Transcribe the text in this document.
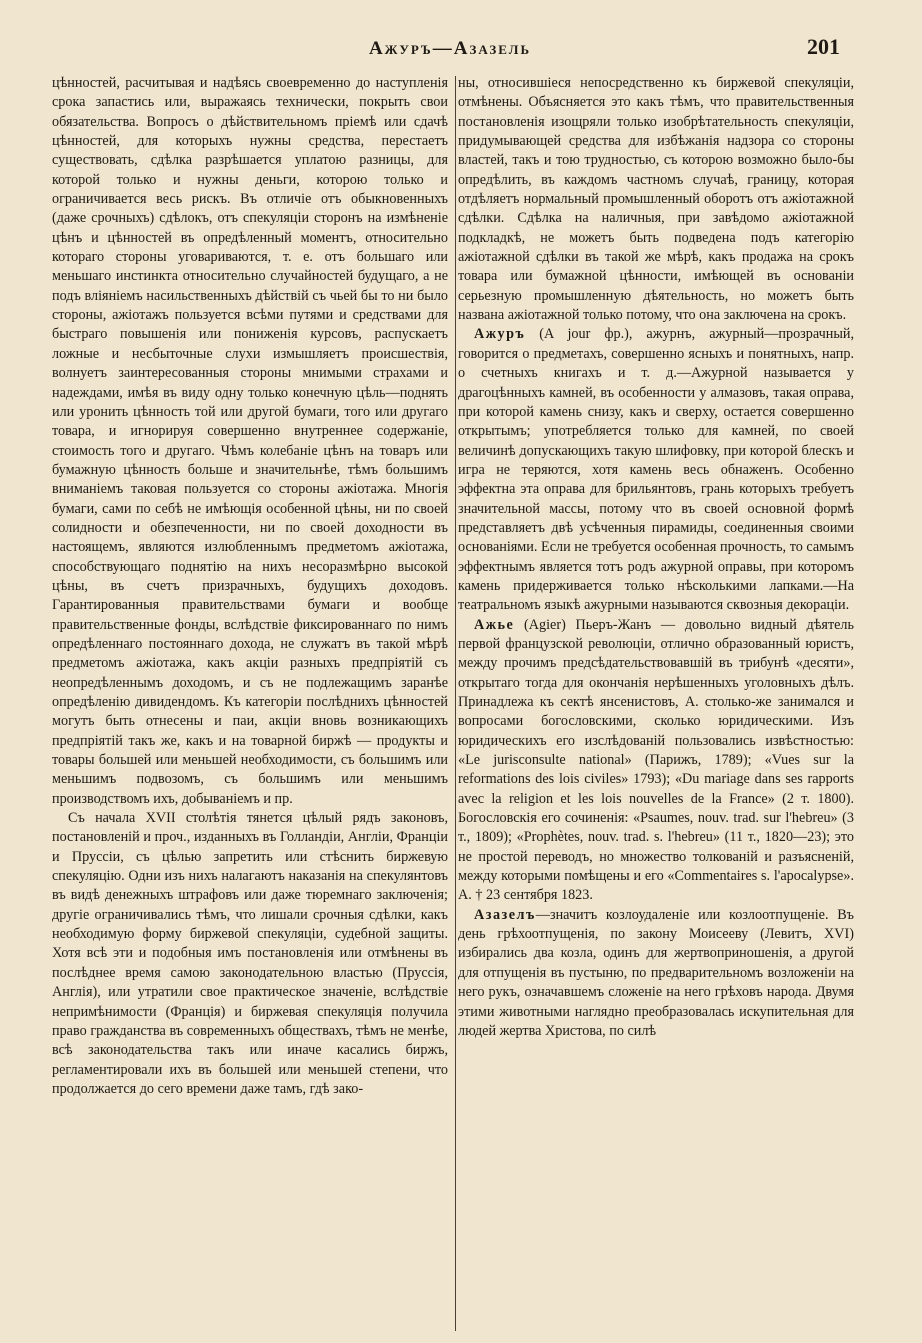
Ажуръ—Азазель	201

цѣнностей, расчитывая и надѣясь своевременно до наступленія срока запастись или, выражаясь технически, покрыть свои обязательства. Вопросъ о дѣйствительномъ пріемѣ или сдачѣ цѣнностей, для которыхъ нужны средства, перестаетъ существовать, сдѣлка разрѣшается уплатою разницы, для которой только и нужны деньги, которою только и ограничивается весь рискъ. Въ отличіе отъ обыкновенныхъ (даже срочныхъ) сдѣлокъ, отъ спекуляціи сторонъ на измѣненіе цѣнъ и цѣнностей въ опредѣленный моментъ, относительно котораго стороны уговариваются, т. е. отъ большаго или меньшаго инстинкта относительно случайностей будущаго, а не подъ вліяніемъ насильственныхъ дѣйствій съ чьей бы то ни было стороны, ажіотажъ пользуется всѣми путями и средствами для быстраго повышенія или пониженія курсовъ, распускаетъ ложные и несбыточные слухи измышляетъ происшествія, волнуетъ заинтересованныя стороны мнимыми страхами и надеждами, имѣя въ виду одну только конечную цѣль—поднять или уронить цѣнность той или другой бумаги, того или другаго товара, и игнорируя совершенно внутреннее содержаніе, стоимость того и другаго. Чѣмъ колебаніе цѣнъ на товаръ или бумажную цѣнность больше и значительнѣе, тѣмъ большимъ вниманіемъ таковая пользуется со стороны ажіотажа. Многія бумаги, сами по себѣ не имѣющія особенной цѣны, ни по своей солидности и обезпеченности, ни по своей доходности въ настоящемъ, являются излюбленнымъ предметомъ ажіотажа, способствующаго поднятію на нихъ несоразмѣрно высокой цѣны, въ счетъ призрачныхъ, будущихъ доходовъ. Гарантированныя правительствами бумаги и вообще правительственные фонды, вслѣдствіе фиксированнаго по нимъ опредѣленнаго постояннаго дохода, не служатъ въ такой мѣрѣ предметомъ ажіотажа, какъ акціи разныхъ предпріятій съ неопредѣленнымъ доходомъ, и съ не подлежащимъ заранѣе опредѣленію дивидендомъ. Къ категоріи послѣднихъ цѣнностей могутъ быть отнесены и паи, акціи вновь возникающихъ предпріятій такъ же, какъ и на товарной биржѣ — продукты и товары большей или меньшей необходимости, съ большимъ или меньшимъ подвозомъ, съ большимъ или меньшимъ производствомъ ихъ, добываніемъ и пр.

Съ начала XVII столѣтія тянется цѣлый рядъ законовъ, постановленій и проч., изданныхъ въ Голландіи, Англіи, Франціи и Пруссіи, съ цѣлью запретить или стѣснить биржевую спекуляцію. Одни изъ нихъ налагаютъ наказанія на спекулянтовъ въ видѣ денежныхъ штрафовъ или даже тюремнаго заключенія; другіе ограничивались тѣмъ, что лишали срочныя сдѣлки, какъ необходимую форму биржевой спекуляціи, судебной защиты. Хотя всѣ эти и подобныя имъ постановленія или отмѣнены въ послѣднее время самою законодательною властью (Пруссія, Англія), или утратили свое практическое значеніе, вслѣдствіе непримѣнимости (Франція) и биржевая спекуляція получила право гражданства въ современныхъ обществахъ, тѣмъ не менѣе, всѣ законодательства такъ или иначе касались биржъ, регламентировали ихъ въ большей или меньшей степени, что продолжается до сего времени даже тамъ, гдѣ зако-

ны, относившіеся непосредственно къ биржевой спекуляціи, отмѣнены. Объясняется это какъ тѣмъ, что правительственныя постановленія изощряли только изобрѣтательность спекуляціи, придумывающей средства для избѣжанія надзора со стороны властей, такъ и тою трудностью, съ которою возможно было-бы опредѣлить, въ каждомъ частномъ случаѣ, границу, которая отдѣляетъ нормальный промышленный оборотъ отъ ажіотажной сдѣлки. Сдѣлка на наличныя, при завѣдомо ажіотажной подкладкѣ, не можетъ быть подведена подъ категорію ажіотажной сдѣлки въ такой же мѣрѣ, какъ продажа на срокъ товара или бумажной цѣнности, имѣющей въ основаніи серьезную промышленную дѣятельность, но можетъ быть названа ажіотажной только потому, что она заключена на срокъ.

Ажуръ (A jour фр.), ажурнъ, ажурный—прозрачный, говорится о предметахъ, совершенно ясныхъ и понятныхъ, напр. о счетныхъ книгахъ и т. д.—Ажурной называется у драгоцѣнныхъ камней, въ особенности у алмазовъ, такая оправа, при которой камень снизу, какъ и сверху, остается совершенно открытымъ; употребляется только для камней, по своей величинѣ допускающихъ такую шлифовку, при которой блескъ и игра не теряются, хотя камень весь обнаженъ. Особенно эффектна эта оправа для брильянтовъ, грань которыхъ требуетъ значительной массы, потому что въ своей основной формѣ представляетъ двѣ усѣченныя пирамиды, соединенныя своими основаніями. Если не требуется особенная прочность, то самымъ эффектнымъ является тотъ родъ ажурной оправы, при которомъ камень придерживается только нѣсколькими лапками.—На театральномъ языкѣ ажурными называются сквозныя декораціи.

Ажье (Agier) Пьеръ-Жанъ — довольно видный дѣятель первой французской революціи, отлично образованный юристъ, между прочимъ предсѣдательствовавшій въ трибунѣ «десяти», открытаго тогда для окончанія нерѣшенныхъ уголовныхъ дѣлъ. Принадлежа къ сектѣ янсенистовъ, А. столько-же занимался и вопросами богословскими, сколько юридическими. Изъ юридическихъ его изслѣдованій пользовались извѣстностью: «Le jurisconsulte national» (Парижъ, 1789); «Vues sur la reformations des lois civiles» 1793); «Du mariage dans ses rapports avec la religion et les lois nouvelles de la France» (2 т. 1800). Богословскія его сочиненія: «Psaumes, nouv. trad. sur l'hebreu» (3 т., 1809); «Prophètes, nouv. trad. s. l'hebreu» (11 т., 1820—23); это не простой переводъ, но множество толкованій и разъясненій, между которыми помѣщены и его «Commentaires s. l'apocalypse». А. † 23 сентября 1823.

Азазелъ—значитъ козлоудаленіе или козлоотпущеніе. Въ день грѣхоотпущенія, по закону Моисееву (Левитъ, XVI) избирались два козла, одинъ для жертвоприношенія, а другой для отпущенія въ пустыню, по предварительномъ возложеніи на него рукъ, означавшемъ сложеніе на него грѣховъ народа. Двумя этими животными наглядно преобразовалась искупительная для людей жертва Христова, по силѣ
